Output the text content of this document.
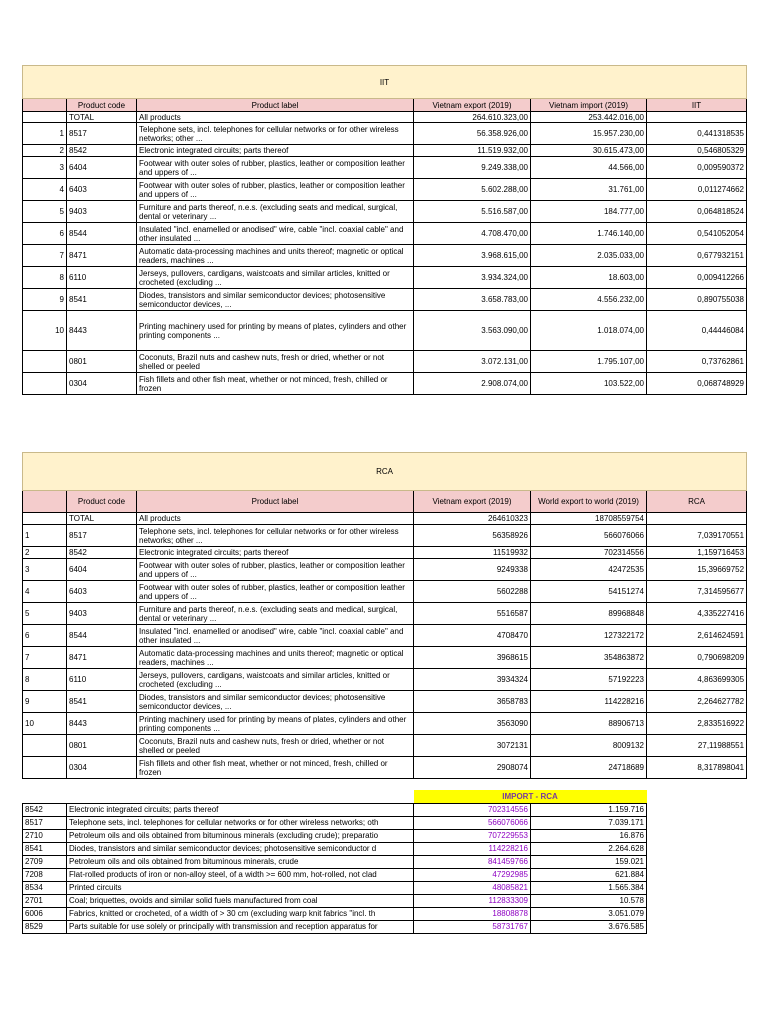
IIT					
	Product code	Product label	Vietnam export (2019)	Vietnam import (2019)	IIT
	TOTAL	All products	264.610.323,00	253.442.016,00	
1	8517	Telephone sets, incl. telephones for cellular networks or for other wireless networks; other ...	56.358.926,00	15.957.230,00	0,441318535
2	8542	Electronic integrated circuits; parts thereof	11.519.932,00	30.615.473,00	0,546805329
3	6404	Footwear with outer soles of rubber, plastics, leather or composition leather and uppers of ...	9.249.338,00	44.566,00	0,009590372
4	6403	Footwear with outer soles of rubber, plastics, leather or composition leather and uppers of ...	5.602.288,00	31.761,00	0,011274662
5	9403	Furniture and parts thereof, n.e.s. (excluding seats and medical, surgical, dental or veterinary ...	5.516.587,00	184.777,00	0,064818524
6	8544	Insulated "incl. enamelled or anodised" wire, cable "incl. coaxial cable" and other insulated ...	4.708.470,00	1.746.140,00	0,541052054
7	8471	Automatic data-processing machines and units thereof; magnetic or optical readers, machines ...	3.968.615,00	2.035.033,00	0,677932151
8	6110	Jerseys, pullovers, cardigans, waistcoats and similar articles, knitted or crocheted (excluding ...	3.934.324,00	18.603,00	0,009412266
9	8541	Diodes, transistors and similar semiconductor devices; photosensitive semiconductor devices, ...	3.658.783,00	4.556.232,00	0,890755038
10	8443	Printing machinery used for printing by means of plates, cylinders and other printing components ...	3.563.090,00	1.018.074,00	0,44446084
	0801	Coconuts, Brazil nuts and cashew nuts, fresh or dried, whether or not shelled or peeled	3.072.131,00	1.795.107,00	0,73762861
	0304	Fish fillets and other fish meat, whether or not minced, fresh, chilled or frozen	2.908.074,00	103.522,00	0,068748929
RCA					
	Product code	Product label	Vietnam export (2019)	World export to world (2019)	RCA
	TOTAL	All products	264610323	18708559754	
1	8517	Telephone sets, incl. telephones for cellular networks or for other wireless networks; other ...	56358926	566076066	7,039170551
2	8542	Electronic integrated circuits; parts thereof	11519932	702314556	1,159716453
3	6404	Footwear with outer soles of rubber, plastics, leather or composition leather and uppers of ...	9249338	42472535	15,39669752
4	6403	Footwear with outer soles of rubber, plastics, leather or composition leather and uppers of ...	5602288	54151274	7,314595677
5	9403	Furniture and parts thereof, n.e.s. (excluding seats and medical, surgical, dental or veterinary ...	5516587	89968848	4,335227416
6	8544	Insulated "incl. enamelled or anodised" wire, cable "incl. coaxial cable" and other insulated ...	4708470	127322172	2,614624591
7	8471	Automatic data-processing machines and units thereof; magnetic or optical readers, machines ...	3968615	354863872	0,790698209
8	6110	Jerseys, pullovers, cardigans, waistcoats and similar articles, knitted or crocheted (excluding ...	3934324	57192223	4,863699305
9	8541	Diodes, transistors and similar semiconductor devices; photosensitive semiconductor devices, ...	3658783	114228216	2,264627782
10	8443	Printing machinery used for printing by means of plates, cylinders and other printing components ...	3563090	88906713	2,833516922
	0801	Coconuts, Brazil nuts and cashew nuts, fresh or dried, whether or not shelled or peeled	3072131	8009132	27,11988551
	0304	Fish fillets and other fish meat, whether or not minced, fresh, chilled or frozen	2908074	24718689	8,317898041
		IMPORT - RCA	
8542	Electronic integrated circuits; parts thereof	702314556	1.159.716
8517	Telephone sets, incl. telephones for cellular networks or for other wireless networks; oth	566076066	7.039.171
2710	Petroleum oils and oils obtained from bituminous minerals (excluding crude); preparatio	707229553	16.876
8541	Diodes, transistors and similar semiconductor devices; photosensitive semiconductor d	114228216	2.264.628
2709	Petroleum oils and oils obtained from bituminous minerals, crude	841459766	159.021
7208	Flat-rolled products of iron or non-alloy steel, of a width >= 600 mm, hot-rolled, not clad	47292985	621.884
8534	Printed circuits	48085821	1.565.384
2701	Coal; briquettes, ovoids and similar solid fuels manufactured from coal	112833309	10.578
6006	Fabrics, knitted or crocheted, of a width of > 30 cm (excluding warp knit fabrics "incl. th	18808878	3.051.079
8529	Parts suitable for use solely or principally with transmission and reception apparatus for	58731767	3.676.585
